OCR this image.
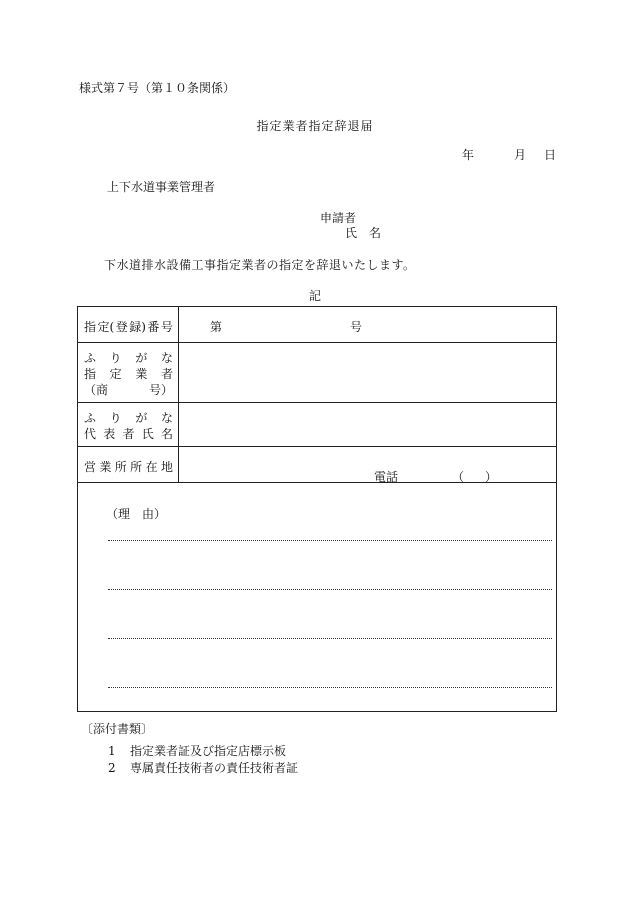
様式第７号（第１０条関係）
指定業者指定辞退届
年	月 日
上下水道事業管理者
申請者
氏　名
下水道排水設備工事指定業者の指定を辞退いたします。
記
指 定( 登 録) 番 号	第	号
ふ り が な
指 定 業 者
（商	号）
ふ り が な
代 表 者 氏 名
営 業 所 所 在 地
電話	（ ）
（理　由）
〔添付書類〕
1 指定業者証及び指定店標示板
2 専属責任技術者の責任技術者証
